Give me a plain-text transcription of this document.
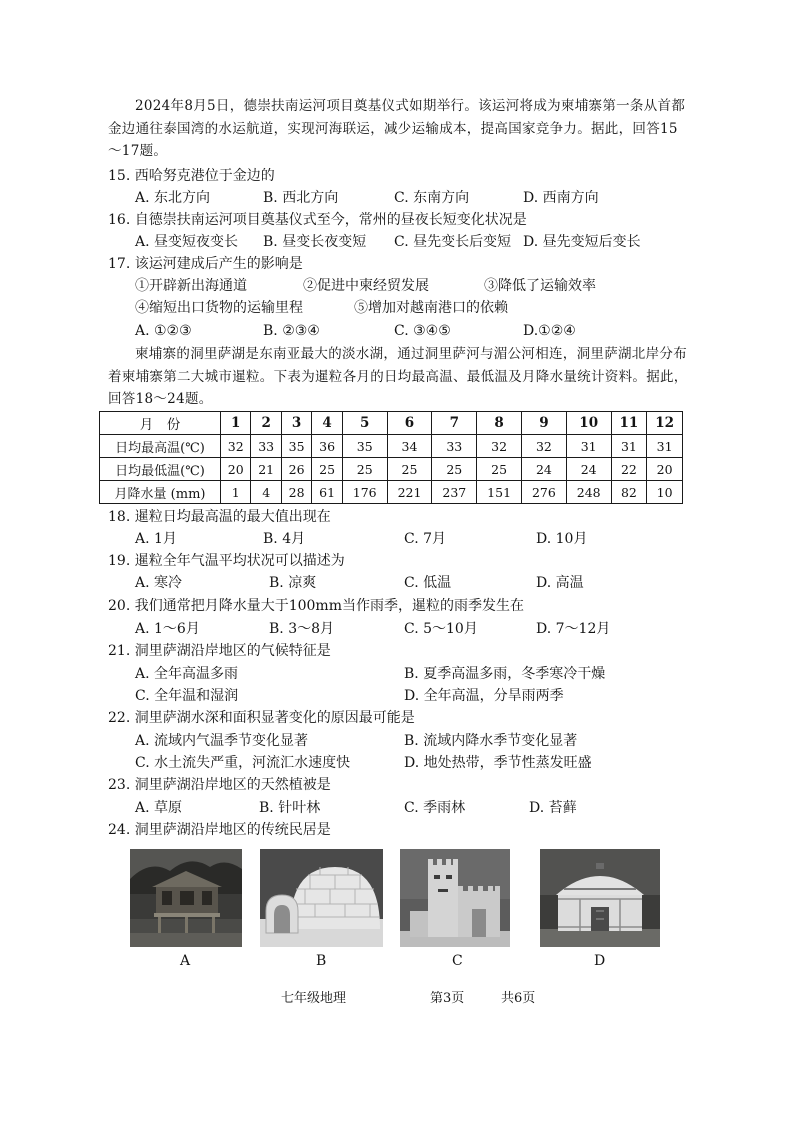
2024年8月5日，德崇扶南运河项目奠基仪式如期举行。该运河将成为柬埔寨第一条从首都金边通往泰国湾的水运航道，实现河海联运，减少运输成本，提高国家竞争力。据此，回答15～17题。
15. 西哈努克港位于金边的
A. 东北方向	B. 西北方向	C. 东南方向	D. 西南方向
16. 自德崇扶南运河项目奠基仪式至今，常州的昼夜长短变化状况是
A. 昼变短夜变长 B. 昼变长夜变短 C. 昼先变长后变短 D. 昼先变短后变长
17. 该运河建成后产生的影响是
①开辟新出海通道	②促进中柬经贸发展	③降低了运输效率
④缩短出口货物的运输里程	⑤增加对越南港口的依赖
A. ①②③	B. ②③④	C. ③④⑤	D.①②④
柬埔寨的洞里萨湖是东南亚最大的淡水湖，通过洞里萨河与湄公河相连，洞里萨湖北岸分布着柬埔寨第二大城市暹粒。下表为暹粒各月的日均最高温、最低温及月降水量统计资料。据此，回答18～24题。
月　份	1	2	3	4	5	6	7	8	9	10	11	12
日均最高温(℃)	32	33	35	36	35	34	33	32	32	31	31	31
日均最低温(℃)	20	21	26	25	25	25	25	25	24	24	22	20
月降水量 (mm)	1	4	28	61	176	221	237	151	276	248	82	10
18. 暹粒日均最高温的最大值出现在
A. 1月	B. 4月	C. 7月	D. 10月
19. 暹粒全年气温平均状况可以描述为
A. 寒冷	B. 凉爽	C. 低温	D. 高温
20. 我们通常把月降水量大于100mm当作雨季，暹粒的雨季发生在
A. 1～6月	B. 3～8月	C. 5～10月	D. 7～12月
21. 洞里萨湖沿岸地区的气候特征是
A. 全年高温多雨	B. 夏季高温多雨，冬季寒冷干燥
C. 全年温和湿润	D. 全年高温，分旱雨两季
22. 洞里萨湖水深和面积显著变化的原因最可能是
A. 流域内气温季节变化显著	B. 流域内降水季节变化显著
C. 水土流失严重，河流汇水速度快	D. 地处热带，季节性蒸发旺盛
23. 洞里萨湖沿岸地区的天然植被是
A. 草原	B. 针叶林	C. 季雨林	D. 苔藓
24. 洞里萨湖沿岸地区的传统民居是
A	B	C	D
七年级地理	第3页	共6页
